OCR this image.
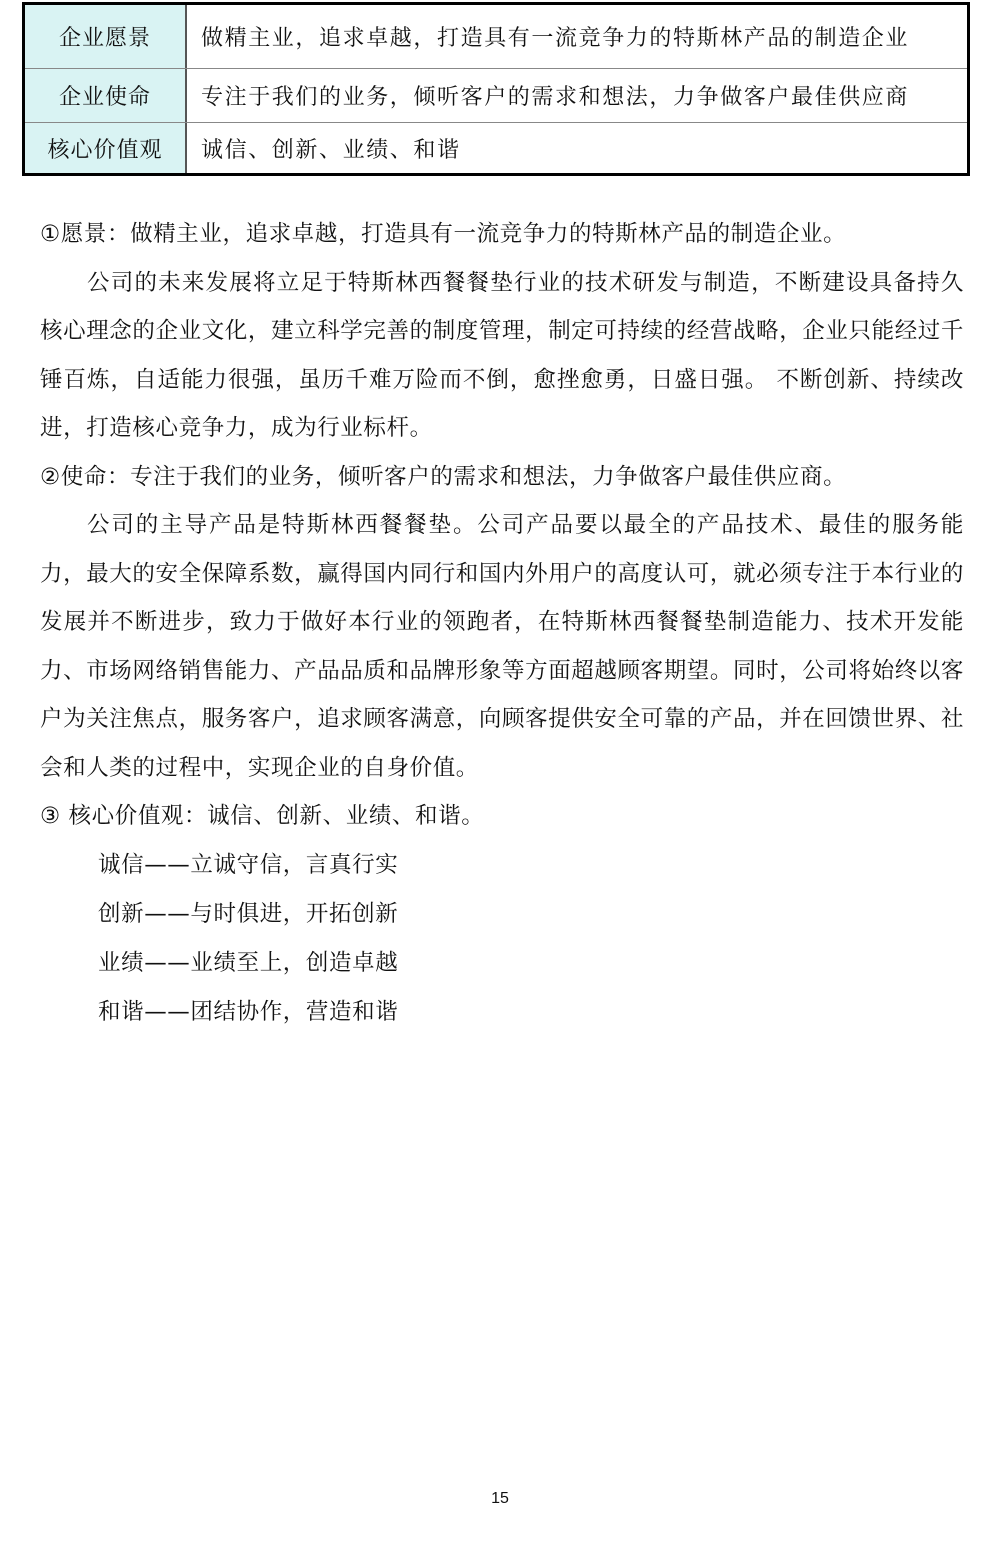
企业愿景	做精主业，追求卓越，打造具有一流竞争力的特斯林产品的制造企业
企业使命	专注于我们的业务，倾听客户的需求和想法，力争做客户最佳供应商
核心价值观	诚信、创新、业绩、和谐

①愿景：做精主业，追求卓越，打造具有一流竞争力的特斯林产品的制造企业。

公司的未来发展将立足于特斯林西餐餐垫行业的技术研发与制造，不断建设具备持久核心理念的企业文化，建立科学完善的制度管理，制定可持续的经营战略，企业只能经过千锤百炼，自适能力很强，虽历千难万险而不倒，愈挫愈勇，日盛日强。 不断创新、持续改进，打造核心竞争力，成为行业标杆。

②使命：专注于我们的业务，倾听客户的需求和想法，力争做客户最佳供应商。

公司的主导产品是特斯林西餐餐垫。公司产品要以最全的产品技术、最佳的服务能力，最大的安全保障系数，赢得国内同行和国内外用户的高度认可，就必须专注于本行业的发展并不断进步，致力于做好本行业的领跑者，在特斯林西餐餐垫制造能力、技术开发能力、市场网络销售能力、产品品质和品牌形象等方面超越顾客期望。同时，公司将始终以客户为关注焦点，服务客户，追求顾客满意，向顾客提供安全可靠的产品，并在回馈世界、社会和人类的过程中，实现企业的自身价值。

③ 核心价值观：诚信、创新、业绩、和谐。

诚信——立诚守信，言真行实
创新——与时俱进，开拓创新
业绩——业绩至上，创造卓越
和谐——团结协作，营造和谐
15
